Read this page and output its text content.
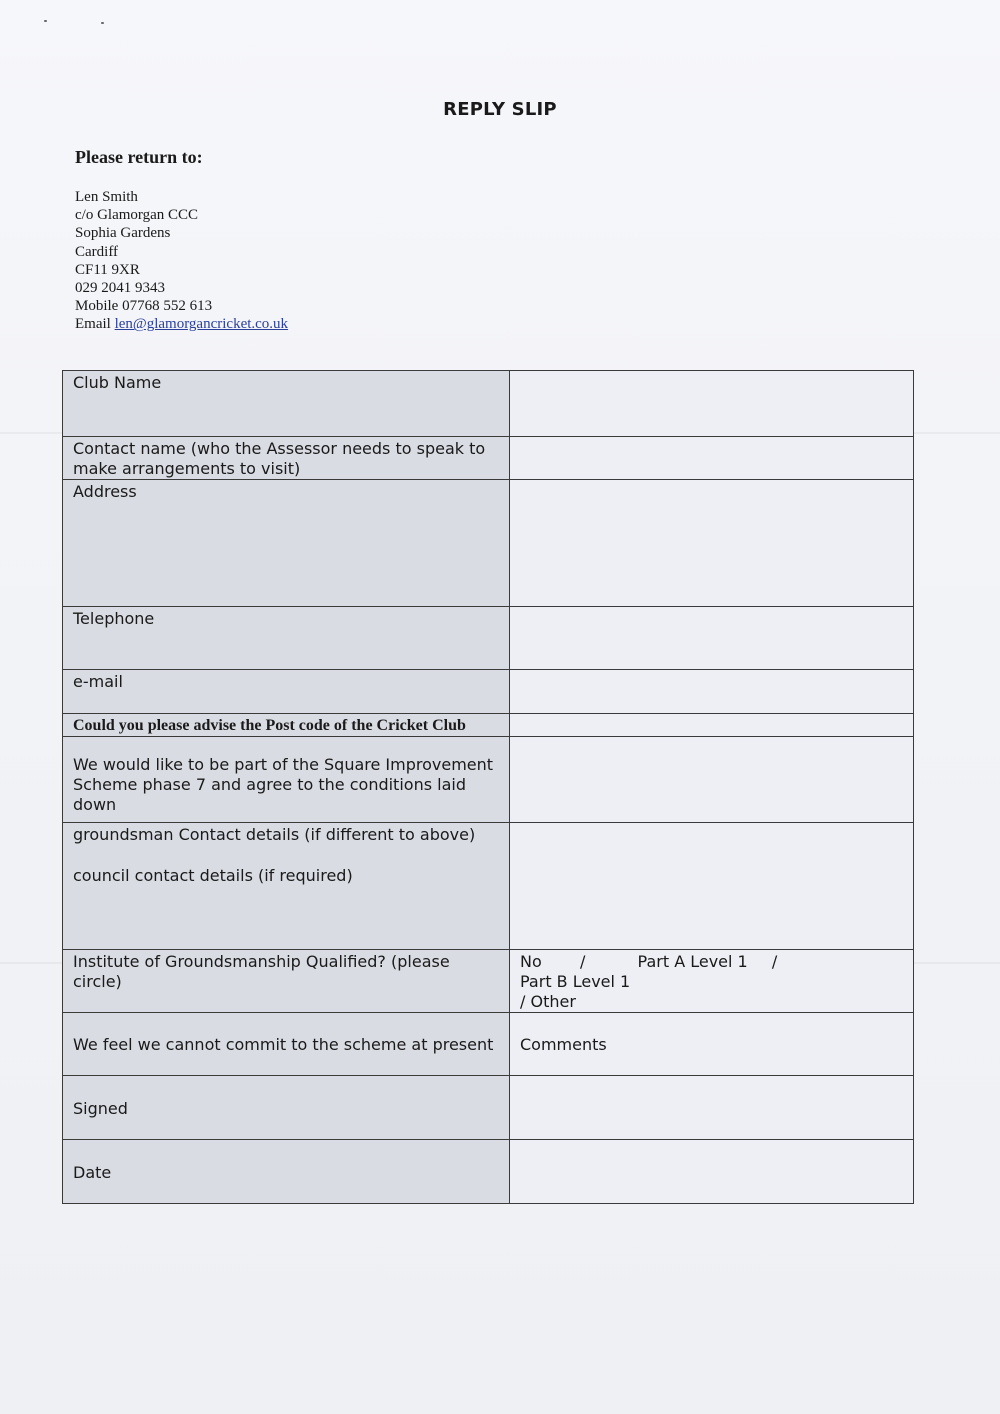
REPLY SLIP
Please return to:
Len Smith
c/o Glamorgan CCC
Sophia Gardens
Cardiff
CF11 9XR
029 2041 9343
Mobile 07768 552 613
Email len@glamorgancricket.co.uk
Club Name	
Contact name (who the Assessor needs to speak to make arrangements to visit)	
Address	
Telephone	
e-mail	
Could you please advise the Post code of the Cricket Club	
We would like to be part of the Square Improvement Scheme phase 7 and agree to the conditions laid down	

groundsman Contact details (if different to above)
council contact details (if required)	

Institute of Groundsmanship Qualified? (please circle)	No / Part A Level 1 /  Part B Level 1
/ Other

We feel we cannot commit to the scheme at present	Comments
Signed	
Date	
